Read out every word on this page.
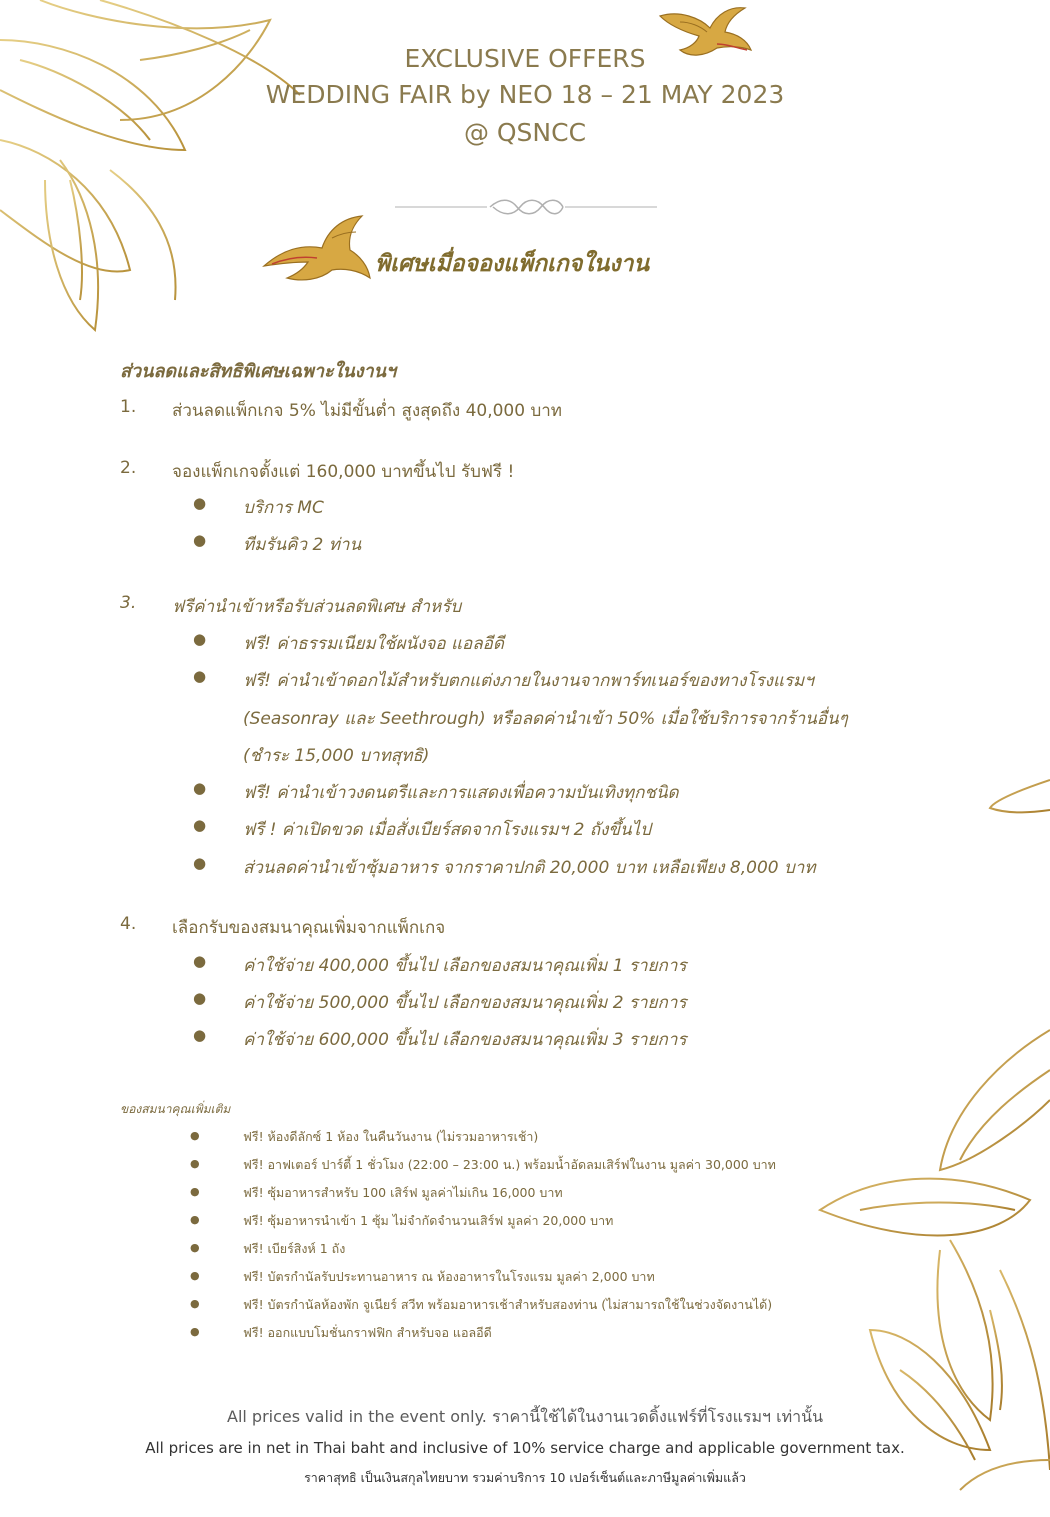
EXCLUSIVE OFFERS
WEDDING FAIR by NEO 18 – 21 MAY 2023
@ QSNCC
พิเศษเมื่อจองแพ็กเกจในงาน
ส่วนลดและสิทธิพิเศษเฉพาะในงานฯ
1. ส่วนลดแพ็กเกจ 5% ไม่มีขั้นต่ำ สูงสุดถึง 40,000 บาท
2. จองแพ็กเกจตั้งแต่ 160,000 บาทขึ้นไป รับฟรี !
● บริการ MC
● ทีมรันคิว 2 ท่าน
3. ฟรีค่านำเข้าหรือรับส่วนลดพิเศษ สำหรับ
● ฟรี! ค่าธรรมเนียมใช้ผนังจอ แอลอีดี
● ฟรี! ค่านำเข้าดอกไม้สำหรับตกแต่งภายในงานจากพาร์ทเนอร์ของทางโรงแรมฯ
(Seasonray และ Seethrough) หรือลดค่านำเข้า 50% เมื่อใช้บริการจากร้านอื่นๆ
(ชำระ 15,000 บาทสุทธิ)
● ฟรี! ค่านำเข้าวงดนตรีและการแสดงเพื่อความบันเทิงทุกชนิด
● ฟรี ! ค่าเปิดขวด เมื่อสั่งเบียร์สดจากโรงแรมฯ 2 ถังขึ้นไป
● ส่วนลดค่านำเข้าซุ้มอาหาร จากราคาปกติ 20,000 บาท เหลือเพียง 8,000 บาท
4. เลือกรับของสมนาคุณเพิ่มจากแพ็กเกจ
● ค่าใช้จ่าย 400,000 ขึ้นไป เลือกของสมนาคุณเพิ่ม 1 รายการ
● ค่าใช้จ่าย 500,000 ขึ้นไป เลือกของสมนาคุณเพิ่ม 2 รายการ
● ค่าใช้จ่าย 600,000 ขึ้นไป เลือกของสมนาคุณเพิ่ม 3 รายการ
ของสมนาคุณเพิ่มเติม
●	ฟรี! ห้องดีลักซ์ 1 ห้อง ในคืนวันงาน (ไม่รวมอาหารเช้า)
●	ฟรี! อาฟเตอร์ ปาร์ตี้ 1 ชั่วโมง (22:00 – 23:00 น.) พร้อมน้ำอัดลมเสิร์ฟในงาน มูลค่า 30,000 บาท
●	ฟรี! ซุ้มอาหารสำหรับ 100 เสิร์ฟ มูลค่าไม่เกิน 16,000 บาท
●	ฟรี! ซุ้มอาหารนำเข้า 1 ซุ้ม ไม่จำกัดจำนวนเสิร์ฟ มูลค่า 20,000 บาท
●	ฟรี! เบียร์สิงห์ 1 ถัง
●	ฟรี! บัตรกำนัลรับประทานอาหาร ณ ห้องอาหารในโรงแรม มูลค่า 2,000 บาท
●	ฟรี! บัตรกำนัลห้องพัก จูเนียร์ สวีท พร้อมอาหารเช้าสำหรับสองท่าน (ไม่สามารถใช้ในช่วงจัดงานได้)
●	ฟรี! ออกแบบโมชั่นกราฟฟิก สำหรับจอ แอลอีดี
All prices valid in the event only. ราคานี้ใช้ได้ในงานเวดดิ้งแฟร์ที่โรงแรมฯ เท่านั้น
All prices are in net in Thai baht and inclusive of 10% service charge and applicable government tax.
ราคาสุทธิ เป็นเงินสกุลไทยบาท รวมค่าบริการ 10 เปอร์เซ็นต์และภาษีมูลค่าเพิ่มแล้ว
